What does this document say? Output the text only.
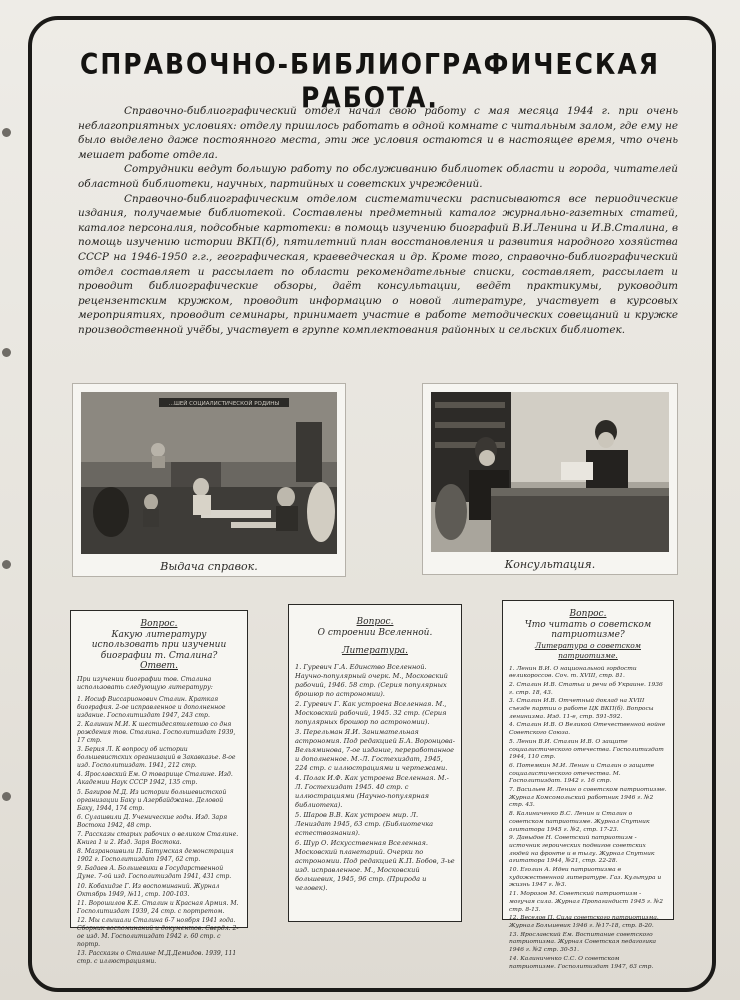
СПРАВОЧНО-БИБЛИОГРАФИЧЕСКАЯ РАБОТА.

Справочно-библиографический отдел начал свою работу с мая месяца 1944 г. при очень неблагоприятных условиях: отделу пришлось работать в одной комнате с читальным залом, где ему не было выделено даже постоянного места, эти же условия остаются и в настоящее время, что очень мешает работе отдела.

Сотрудники ведут большую работу по обслуживанию библиотек области и города, читателей областной библиотеки, научных, партийных и советских учреждений.

Справочно-библиографическим отделом систематически расписываются все периодические издания, получаемые библиотекой. Составлены предметный каталог журнально-газетных статей, каталог персоналия, подсобные картотеки: в помощь изучению биографий В.И.Ленина и И.В.Сталина, в помощь изучению истории ВКП(б), пятилетний план восстановления и развития народного хозяйства СССР на 1946-1950 г.г., географическая, краеведческая и др. Кроме того, справочно-библиографический отдел составляет и рассылает по области рекомендательные списки, составляет, рассылает и проводит библиографические обзоры, даёт консультации, ведёт практикумы, руководит рецензентским кружком, проводит информацию о новой литературе, участвует в курсовых мероприятиях, проводит семинары, принимает участие в работе методических совещаний и кружке производственной учёбы, участвует в группе комплектования районных и сельских библиотек.

...ШЕЙ СОЦИАЛИСТИЧЕСКОЙ РОДИНЫ
Выдача справок.	Консультация.
Вопрос.
Какую литературу использовать при изучении биографии т. Сталина?
Ответ.
При изучении биографии тов. Сталина использовать следующую литературу:
1. Иосиф Виссарионович Сталин. Краткая биография. 2-ое исправленное и дополненное издание. Госполитиздат 1947, 243 стр.
2. Калинин М.И. К шестидесятилетию со дня рождения тов. Сталина. Госполитиздат 1939, 17 стр.
3. Берия Л. К вопросу об истории большевистских организаций в Закавказье. 8-ое изд. Госполитиздат. 1941, 212 стр.
4. Ярославский Ем. О товарище Сталине. Изд. Академии Наук СССР 1942, 135 стр.
5. Багиров М.Д. Из истории большевистской организации Баку и Азербайджана. Деловой Баку, 1944, 174 стр.
6. Сулашвили Д. Ученические годы. Изд. Заря Востока 1942, 48 стр.
7. Рассказы старых рабочих о великом Сталине. Книга 1 и 2. Изд. Заря Востока.
8. Мазраношвили П. Батумская демонстрация 1902 г. Госполитиздат 1947, 62 стр.
9. Бадаев А. Большевики в Государственной Думе. 7-ой изд. Госполитиздат 1941, 431 стр.
10. Кобахидзе Г. Из воспоминаний. Журнал Октябрь 1949, №11, стр. 100-103.
11. Ворошилов К.Е. Сталин и Красная Армия. М. Госполитиздат 1939, 24 стр. с портретом.
12. Мы слышали Сталина 6-7 ноября 1941 года. Сборник воспоминаний и документов. Свердл. 2-ое изд. М. Госполитиздат 1942 г. 60 стр. с портр.
13. Рассказы о Сталине М.Д.Демидов. 1939, 111 стр. с иллюстрациями.
Вопрос.
О строении Вселенной.
Литература.
1. Гуревич Г.А. Единство Вселенной. Научно-популярный очерк. М., Московский рабочий, 1946. 58 стр. (Серия популярных брошюр по астрономии).
2. Гуревич Г. Как устроена Вселенная. М., Московский рабочий, 1945. 32 стр. (Серия популярных брошюр по астрономии).
3. Перельман Я.И. Занимательная астрономия. Под редакцией Б.А. Воронцова-Вельяминова, 7-ое издание, переработанное и дополненное. М.-Л. Гостехиздат, 1945, 224 стр. с иллюстрациями и чертежами.
4. Полак И.Ф. Как устроена Вселенная. М.-Л. Гостехиздат 1945. 40 стр. с иллюстрациями (Научно-популярная библиотека).
5. Шаров В.В. Как устроен мир. Л. Лениздат 1945, 63 стр. (Библиотечка естествознания).
6. Шур О. Искусственная Вселенная. Московский планетарий. Очерки по астрономии. Под редакцией К.П. Бобов, 3-ье изд. исправленное. М., Московский большевик, 1945, 96 стр. (Природа и человек).
Вопрос.
Что читать о советском патриотизме?
Литература о советском патриотизме.
1. Ленин В.И. О национальной гордости великороссов. Соч. т. XVIII, стр. 81.
2. Сталин И.В. Статьи и речи об Украине. 1936 г. стр. 18, 43.
3. Сталин И.В. Отчетный доклад на XVIII съезде партии о работе ЦК ВКП(б). Вопросы ленинизма. Изд. 11-е, стр. 591-592.
4. Сталин И.В. О Великой Отечественной войне Советского Союза.
5. Ленин В.И. Сталин И.В. О защите социалистического отечества. Госполитиздат 1944, 110 стр.
6. Потемкин М.И. Ленин и Сталин о защите социалистического отечества. М. Госполитиздат. 1942 г. 16 стр.
7. Васильев И. Ленин о советском патриотизме. Журнал Комсомольский работник 1946 г. №2 стр. 43.
8. Калиниченко В.С. Ленин и Сталин о советском патриотизме. Журнал Спутник агитатора 1945 г. №2, стр. 17-23.
9. Давыдов Н. Советский патриотизм - источник героических подвигов советских людей на фронте и в тылу. Журнал Спутник агитатора 1944, №21, стр. 22-28.
10. Еголин А. Идеи патриотизма в художественной литературе. Газ. Культура и жизнь 1947 г. №3.
11. Морозов М. Советский патриотизм - могучая сила. Журнал Пропагандист 1945 г. №2 стр. 8-13.
12. Веселов П. Сила советского патриотизма. Журнал Большевик 1946 г. №17-18, стр. 8-20.
13. Ярославский Ем. Воспитание советского патриотизма. Журнал Советская педагогика 1946 г. №2 стр. 30-51.
14. Калиниченко С.С. О советском патриотизме. Госполитиздат 1947, 63 стр.
